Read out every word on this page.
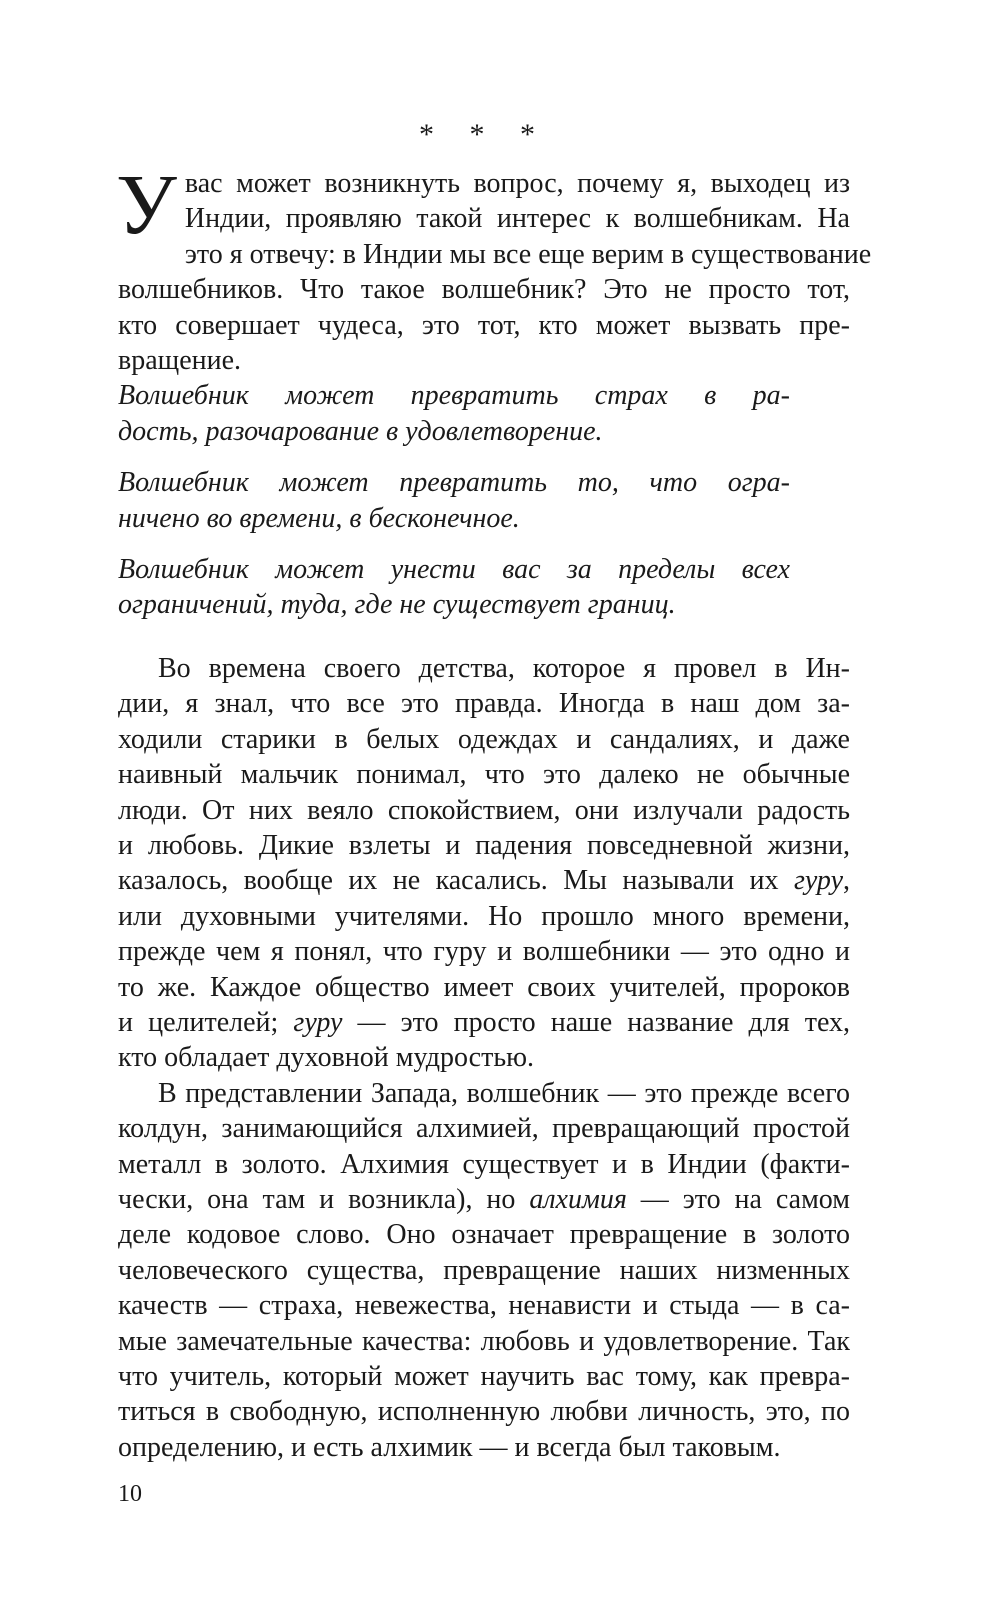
* * *

У вас может возникнуть вопрос, почему я, выходец из
Индии, проявляю такой интерес к волшебникам. На
это я отвечу: в Индии мы все еще верим в существование
волшебников. Что такое волшебник? Это не просто тот,
кто совершает чудеса, это тот, кто может вызвать пре-
вращение.

Волшебник может превратить страх в ра-
дость, разочарование в удовлетворение.

Волшебник может превратить то, что огра-
ничено во времени, в бесконечное.

Волшебник может унести вас за пределы всех
ограничений, туда, где не существует границ.

Во времена своего детства, которое я провел в Ин-
дии, я знал, что все это правда. Иногда в наш дом за-
ходили старики в белых одеждах и сандалиях, и даже
наивный мальчик понимал, что это далеко не обычные
люди. От них веяло спокойствием, они излучали радость
и любовь. Дикие взлеты и падения повседневной жизни,
казалось, вообще их не касались. Мы называли их гуру,
или духовными учителями. Но прошло много времени,
прежде чем я понял, что гуру и волшебники — это одно и
то же. Каждое общество имеет своих учителей, пророков
и целителей; гуру — это просто наше название для тех,
кто обладает духовной мудростью.

В представлении Запада, волшебник — это прежде всего
колдун, занимающийся алхимией, превращающий простой
металл в золото. Алхимия существует и в Индии (факти-
чески, она там и возникла), но алхимия — это на самом
деле кодовое слово. Оно означает превращение в золото
человеческого существа, превращение наших низменных
качеств — страха, невежества, ненависти и стыда — в са-
мые замечательные качества: любовь и удовлетворение. Так
что учитель, который может научить вас тому, как превра-
титься в свободную, исполненную любви личность, это, по
определению, и есть алхимик — и всегда был таковым.

10
